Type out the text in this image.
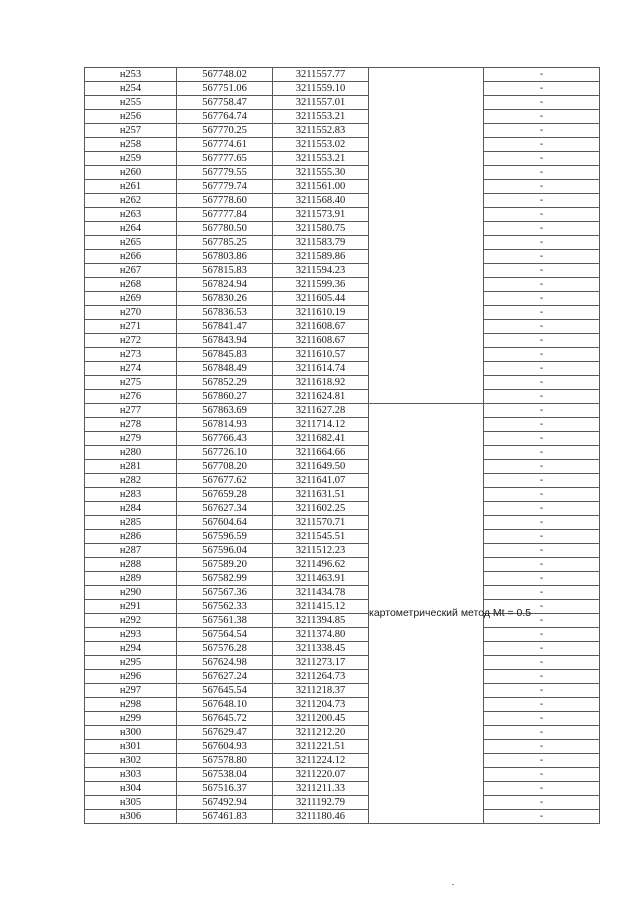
н253	567748.02	3211557.77		-
н254	567751.06	3211559.10		-
н255	567758.47	3211557.01		-
н256	567764.74	3211553.21		-
н257	567770.25	3211552.83		-
н258	567774.61	3211553.02		-
н259	567777.65	3211553.21		-
н260	567779.55	3211555.30		-
н261	567779.74	3211561.00		-
н262	567778.60	3211568.40		-
н263	567777.84	3211573.91		-
н264	567780.50	3211580.75		-
н265	567785.25	3211583.79		-
н266	567803.86	3211589.86		-
н267	567815.83	3211594.23		-
н268	567824.94	3211599.36		-
н269	567830.26	3211605.44		-
н270	567836.53	3211610.19		-
н271	567841.47	3211608.67		-
н272	567843.94	3211608.67		-
н273	567845.83	3211610.57		-
н274	567848.49	3211614.74		-
н275	567852.29	3211618.92		-
н276	567860.27	3211624.81		-
н277	567863.69	3211627.28	картометрический метод Mt = 0.5	-
н278	567814.93	3211714.12		-
н279	567766.43	3211682.41		-
н280	567726.10	3211664.66		-
н281	567708.20	3211649.50		-
н282	567677.62	3211641.07		-
н283	567659.28	3211631.51		-
н284	567627.34	3211602.25		-
н285	567604.64	3211570.71		-
н286	567596.59	3211545.51		-
н287	567596.04	3211512.23		-
н288	567589.20	3211496.62		-
н289	567582.99	3211463.91		-
н290	567567.36	3211434.78		-
н291	567562.33	3211415.12		-
н292	567561.38	3211394.85		-
н293	567564.54	3211374.80		-
н294	567576.28	3211338.45		-
н295	567624.98	3211273.17		-
н296	567627.24	3211264.73		-
н297	567645.54	3211218.37		-
н298	567648.10	3211204.73		-
н299	567645.72	3211200.45		-
н300	567629.47	3211212.20		-
н301	567604.93	3211221.51		-
н302	567578.80	3211224.12		-
н303	567538.04	3211220.07		-
н304	567516.37	3211211.33		-
н305	567492.94	3211192.79		-
н306	567461.83	3211180.46		-
